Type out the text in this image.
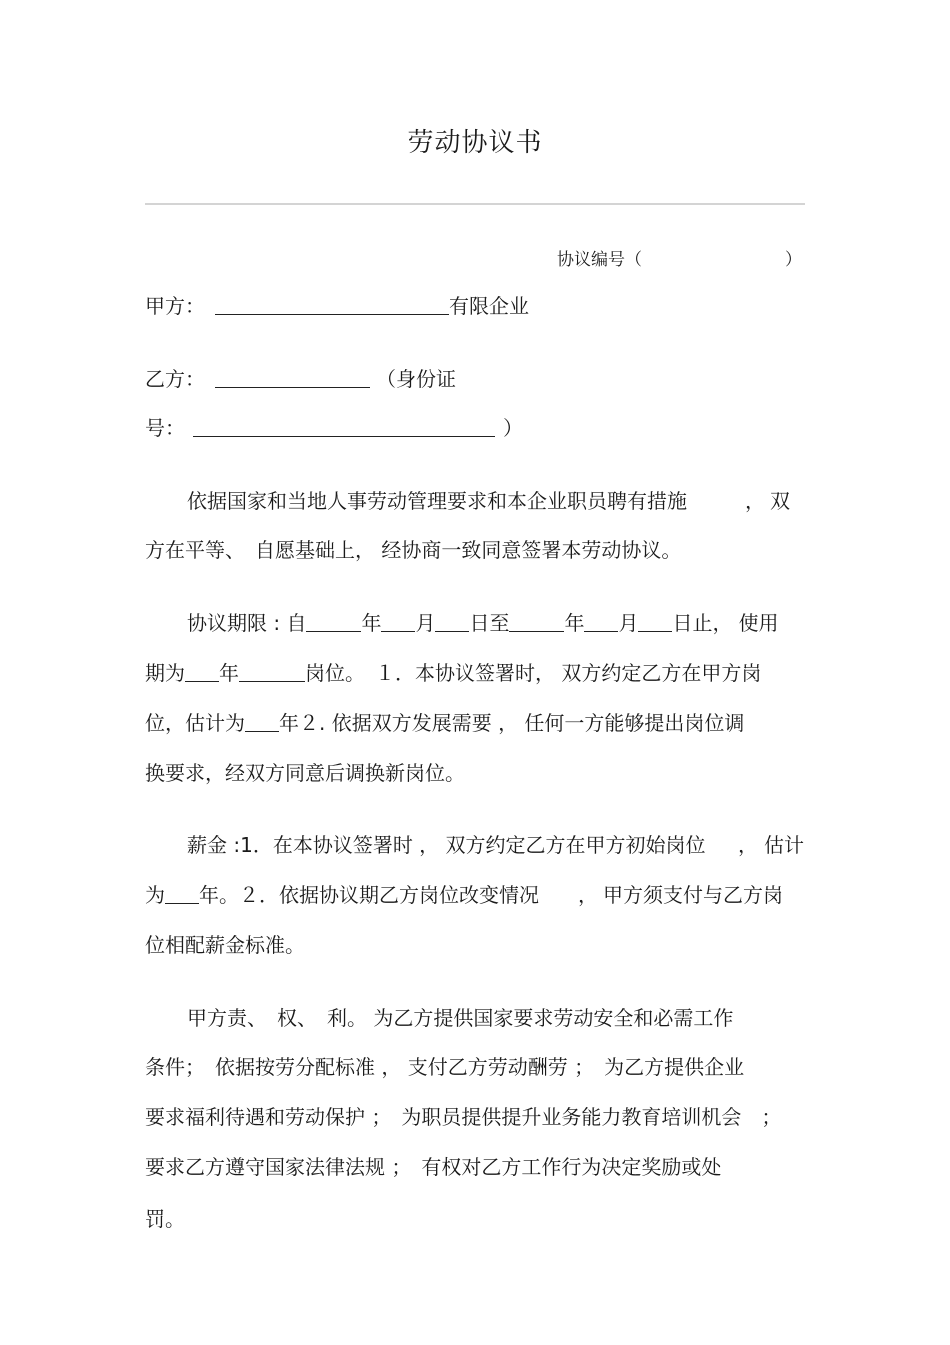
劳动协议书
协议编号（	）
甲方：	有限企业
乙方：	（身份证
号：	）
依据国家和当地人事劳动管理要求和本企业职员聘有措施	， 双
方在平等、　自愿基础上， 经协商一致同意签署本劳动协议。
协议期限 : 自	年 月 日至	年 月 日止， 使用
期为 年	岗位。 １．本协议签署时， 双方约定乙方在甲方岗
位，估计为 年２. 依据双方发展需要 ， 任何一方能够提出岗位调
换要求，经双方同意后调换新岗位。
薪金 :1．在本协议签署时 ， 双方约定乙方在甲方初始岗位 ， 估计
为 年。２．依据协议期乙方岗位改变情况 ， 甲方须支付与乙方岗
位相配薪金标准。
甲方责、　权、　利。 为乙方提供国家要求劳动安全和必需工作
条件；　依据按劳分配标准 ， 支付乙方劳动酬劳 ；　为乙方提供企业
要求福利待遇和劳动保护 ；　为职员提供提升业务能力教育培训机会　；
要求乙方遵守国家法律法规 ；　有权对乙方工作行为决定奖励或处
罚。
